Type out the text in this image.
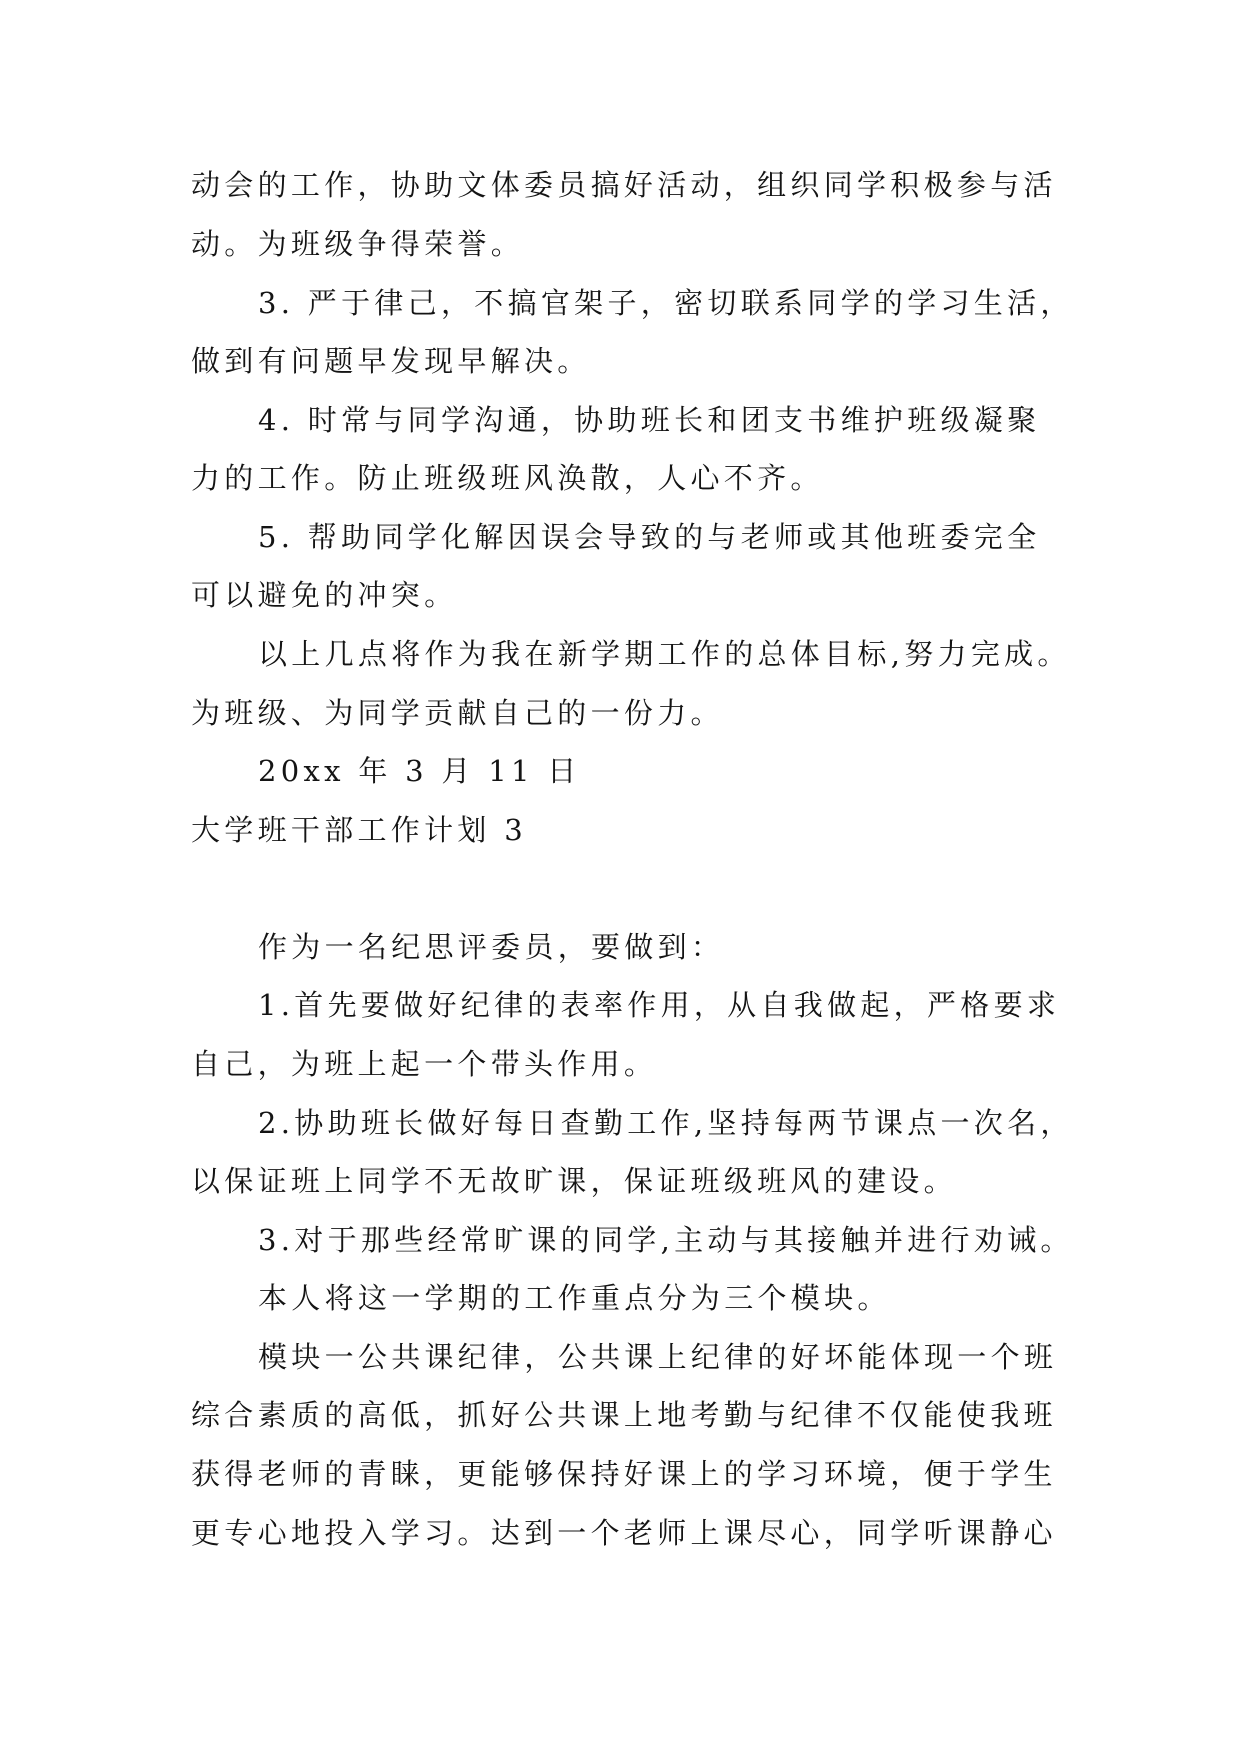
动会的工作，协助文体委员搞好活动，组织同学积极参与活
动。为班级争得荣誉。
3. 严于律己，不搞官架子，密切联系同学的学习生活，
做到有问题早发现早解决。
4. 时常与同学沟通，协助班长和团支书维护班级凝聚
力的工作。防止班级班风涣散，人心不齐。
5. 帮助同学化解因误会导致的与老师或其他班委完全
可以避免的冲突。
以上几点将作为我在新学期工作的总体目标,努力完成。
为班级、为同学贡献自己的一份力。
20xx 年 3 月 11 日
大学班干部工作计划 3
作为一名纪思评委员，要做到：
1.首先要做好纪律的表率作用，从自我做起，严格要求
自己，为班上起一个带头作用。
2.协助班长做好每日查勤工作,坚持每两节课点一次名，
以保证班上同学不无故旷课，保证班级班风的建设。
3.对于那些经常旷课的同学,主动与其接触并进行劝诫。
本人将这一学期的工作重点分为三个模块。
模块一公共课纪律，公共课上纪律的好坏能体现一个班
综合素质的高低，抓好公共课上地考勤与纪律不仅能使我班
获得老师的青睐，更能够保持好课上的学习环境，便于学生
更专心地投入学习。达到一个老师上课尽心，同学听课静心
